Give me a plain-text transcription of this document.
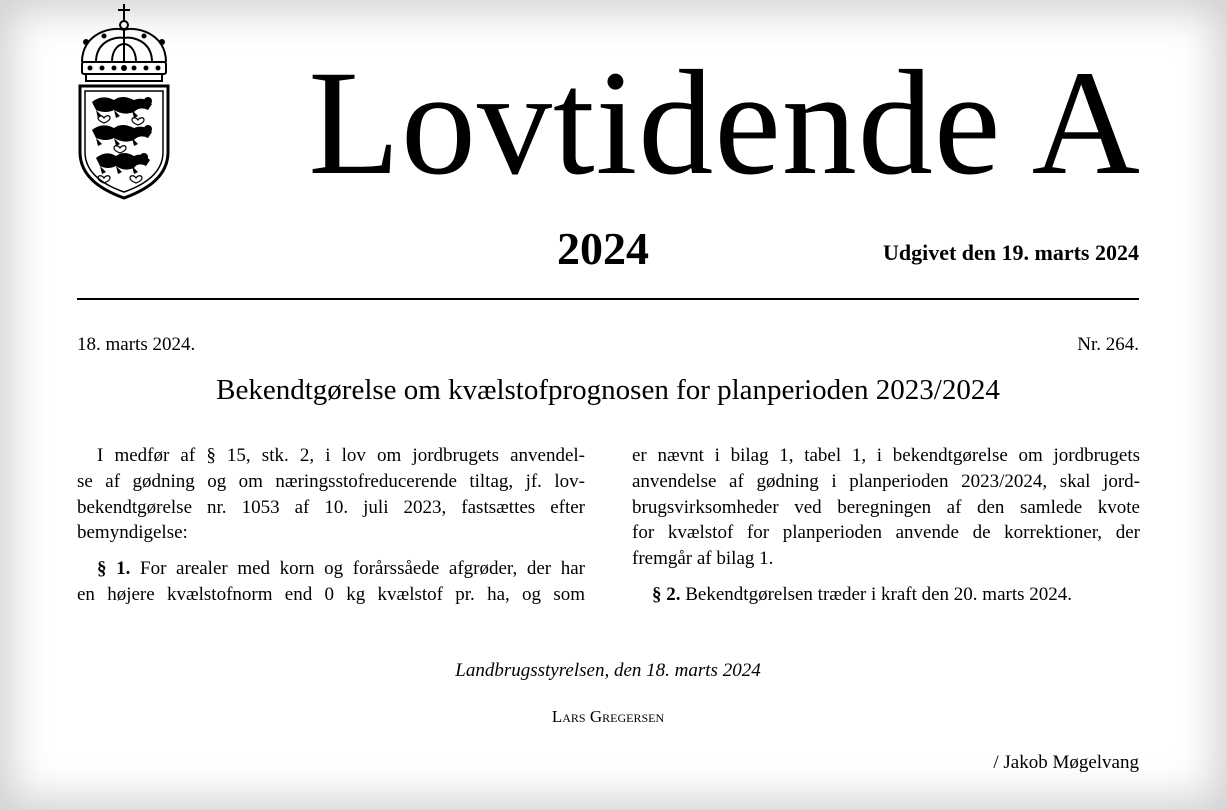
Lovtidende A
2024	Udgivet den 19. marts 2024
18. marts 2024.	Nr. 264.
Bekendtgørelse om kvælstofprognosen for planperioden 2023/2024

I medfør af § 15, stk. 2, i lov om jordbrugets anvendel-

se af gødning og om næringsstofreducerende tiltag, jf. lov-

bekendtgørelse nr. 1053 af 10. juli 2023, fastsættes efter

bemyndigelse:

§ 1. For arealer med korn og forårssåede afgrøder, der har

en højere kvælstofnorm end 0 kg kvælstof pr. ha, og som

er nævnt i bilag 1, tabel 1, i bekendtgørelse om jordbrugets

anvendelse af gødning i planperioden 2023/2024, skal jord-

brugsvirksomheder ved beregningen af den samlede kvote

for kvælstof for planperioden anvende de korrektioner, der

fremgår af bilag 1.

§ 2. Bekendtgørelsen træder i kraft den 20. marts 2024.

Landbrugsstyrelsen, den 18. marts 2024
Lars Gregersen
/ Jakob Møgelvang
